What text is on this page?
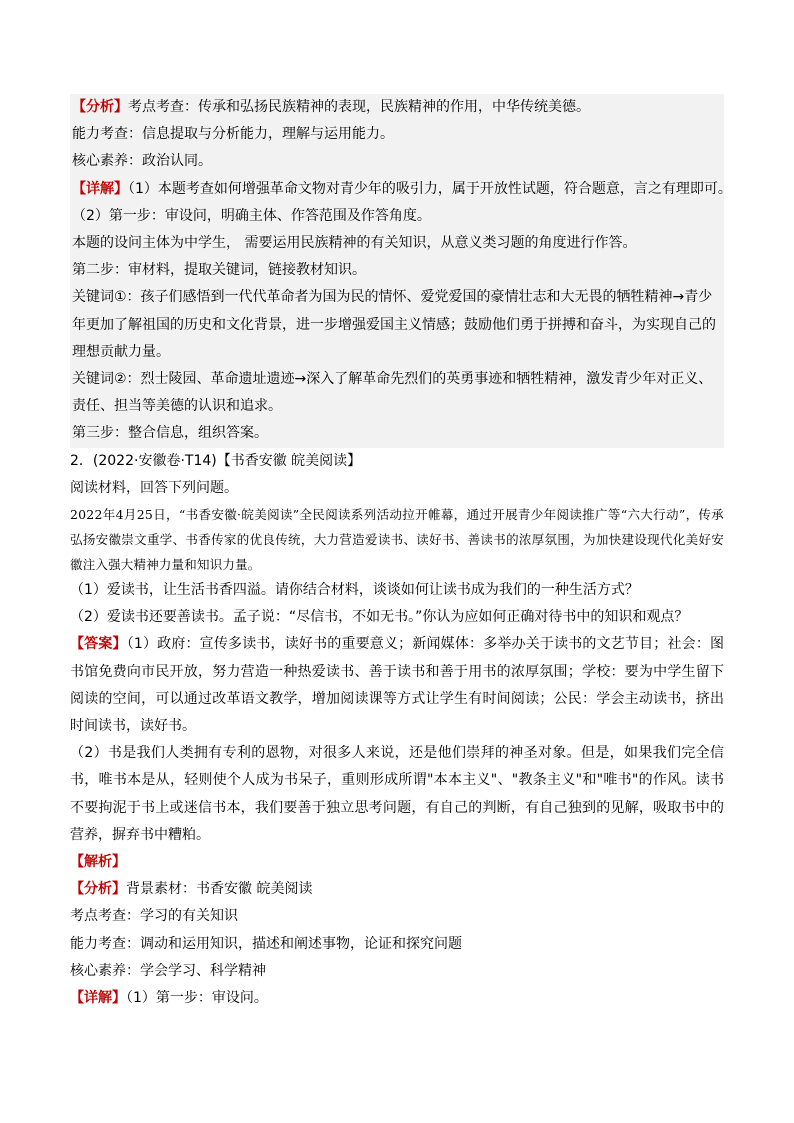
【分析】考点考查：传承和弘扬民族精神的表现，民族精神的作用，中华传统美德。
能力考查：信息提取与分析能力，理解与运用能力。
核心素养：政治认同。
【详解】（1）本题考查如何增强革命文物对青少年的吸引力，属于开放性试题，符合题意，言之有理即可。
（2）第一步：审设问，明确主体、作答范围及作答角度。
本题的设问主体为中学生， 需要运用民族精神的有关知识，从意义类习题的角度进行作答。
第二步：审材料，提取关键词，链接教材知识。
关键词①：孩子们感悟到一代代革命者为国为民的情怀、爱党爱国的豪情壮志和大无畏的牺牲精神→青少
年更加了解祖国的历史和文化背景，进一步增强爱国主义情感；鼓励他们勇于拼搏和奋斗，为实现自己的
理想贡献力量。
关键词②：烈士陵园、革命遗址遗迹→深入了解革命先烈们的英勇事迹和牺牲精神，激发青少年对正义、
责任、担当等美德的认识和追求。
第三步：整合信息，组织答案。
2．(2022·安徽卷·T14)【书香安徽 皖美阅读】
阅读材料，回答下列问题。
2022年4月25日，“书香安徽·皖美阅读”全民阅读系列活动拉开帷幕，通过开展青少年阅读推广等“六大行动”，传承弘扬安徽崇文重学、书香传家的优良传统，大力营造爱读书、读好书、善读书的浓厚氛围，为加快建设现代化美好安徽注入强大精神力量和知识力量。
（1）爱读书，让生活书香四溢。请你结合材料，谈谈如何让读书成为我们的一种生活方式？
（2）爱读书还要善读书。孟子说：“尽信书，不如无书。”你认为应如何正确对待书中的知识和观点？
【答案】（1）政府：宣传多读书，读好书的重要意义；新闻媒体：多举办关于读书的文艺节目；社会：图书馆免费向市民开放，努力营造一种热爱读书、善于读书和善于用书的浓厚氛围；学校：要为中学生留下阅读的空间，可以通过改革语文教学，增加阅读课等方式让学生有时间阅读；公民：学会主动读书，挤出时间读书，读好书。
（2）书是我们人类拥有专利的恩物，对很多人来说，还是他们崇拜的神圣对象。但是，如果我们完全信书，唯书本是从，轻则使个人成为书呆子，重则形成所谓"本本主义"、"教条主义"和"唯书"的作风。读书不要拘泥于书上或迷信书本，我们要善于独立思考问题，有自己的判断，有自己独到的见解，吸取书中的营养，摒弃书中糟粕。
【解析】
【分析】背景素材：书香安徽 皖美阅读
考点考查：学习的有关知识
能力考查：调动和运用知识，描述和阐述事物，论证和探究问题
核心素养：学会学习、科学精神
【详解】（1）第一步：审设问。
